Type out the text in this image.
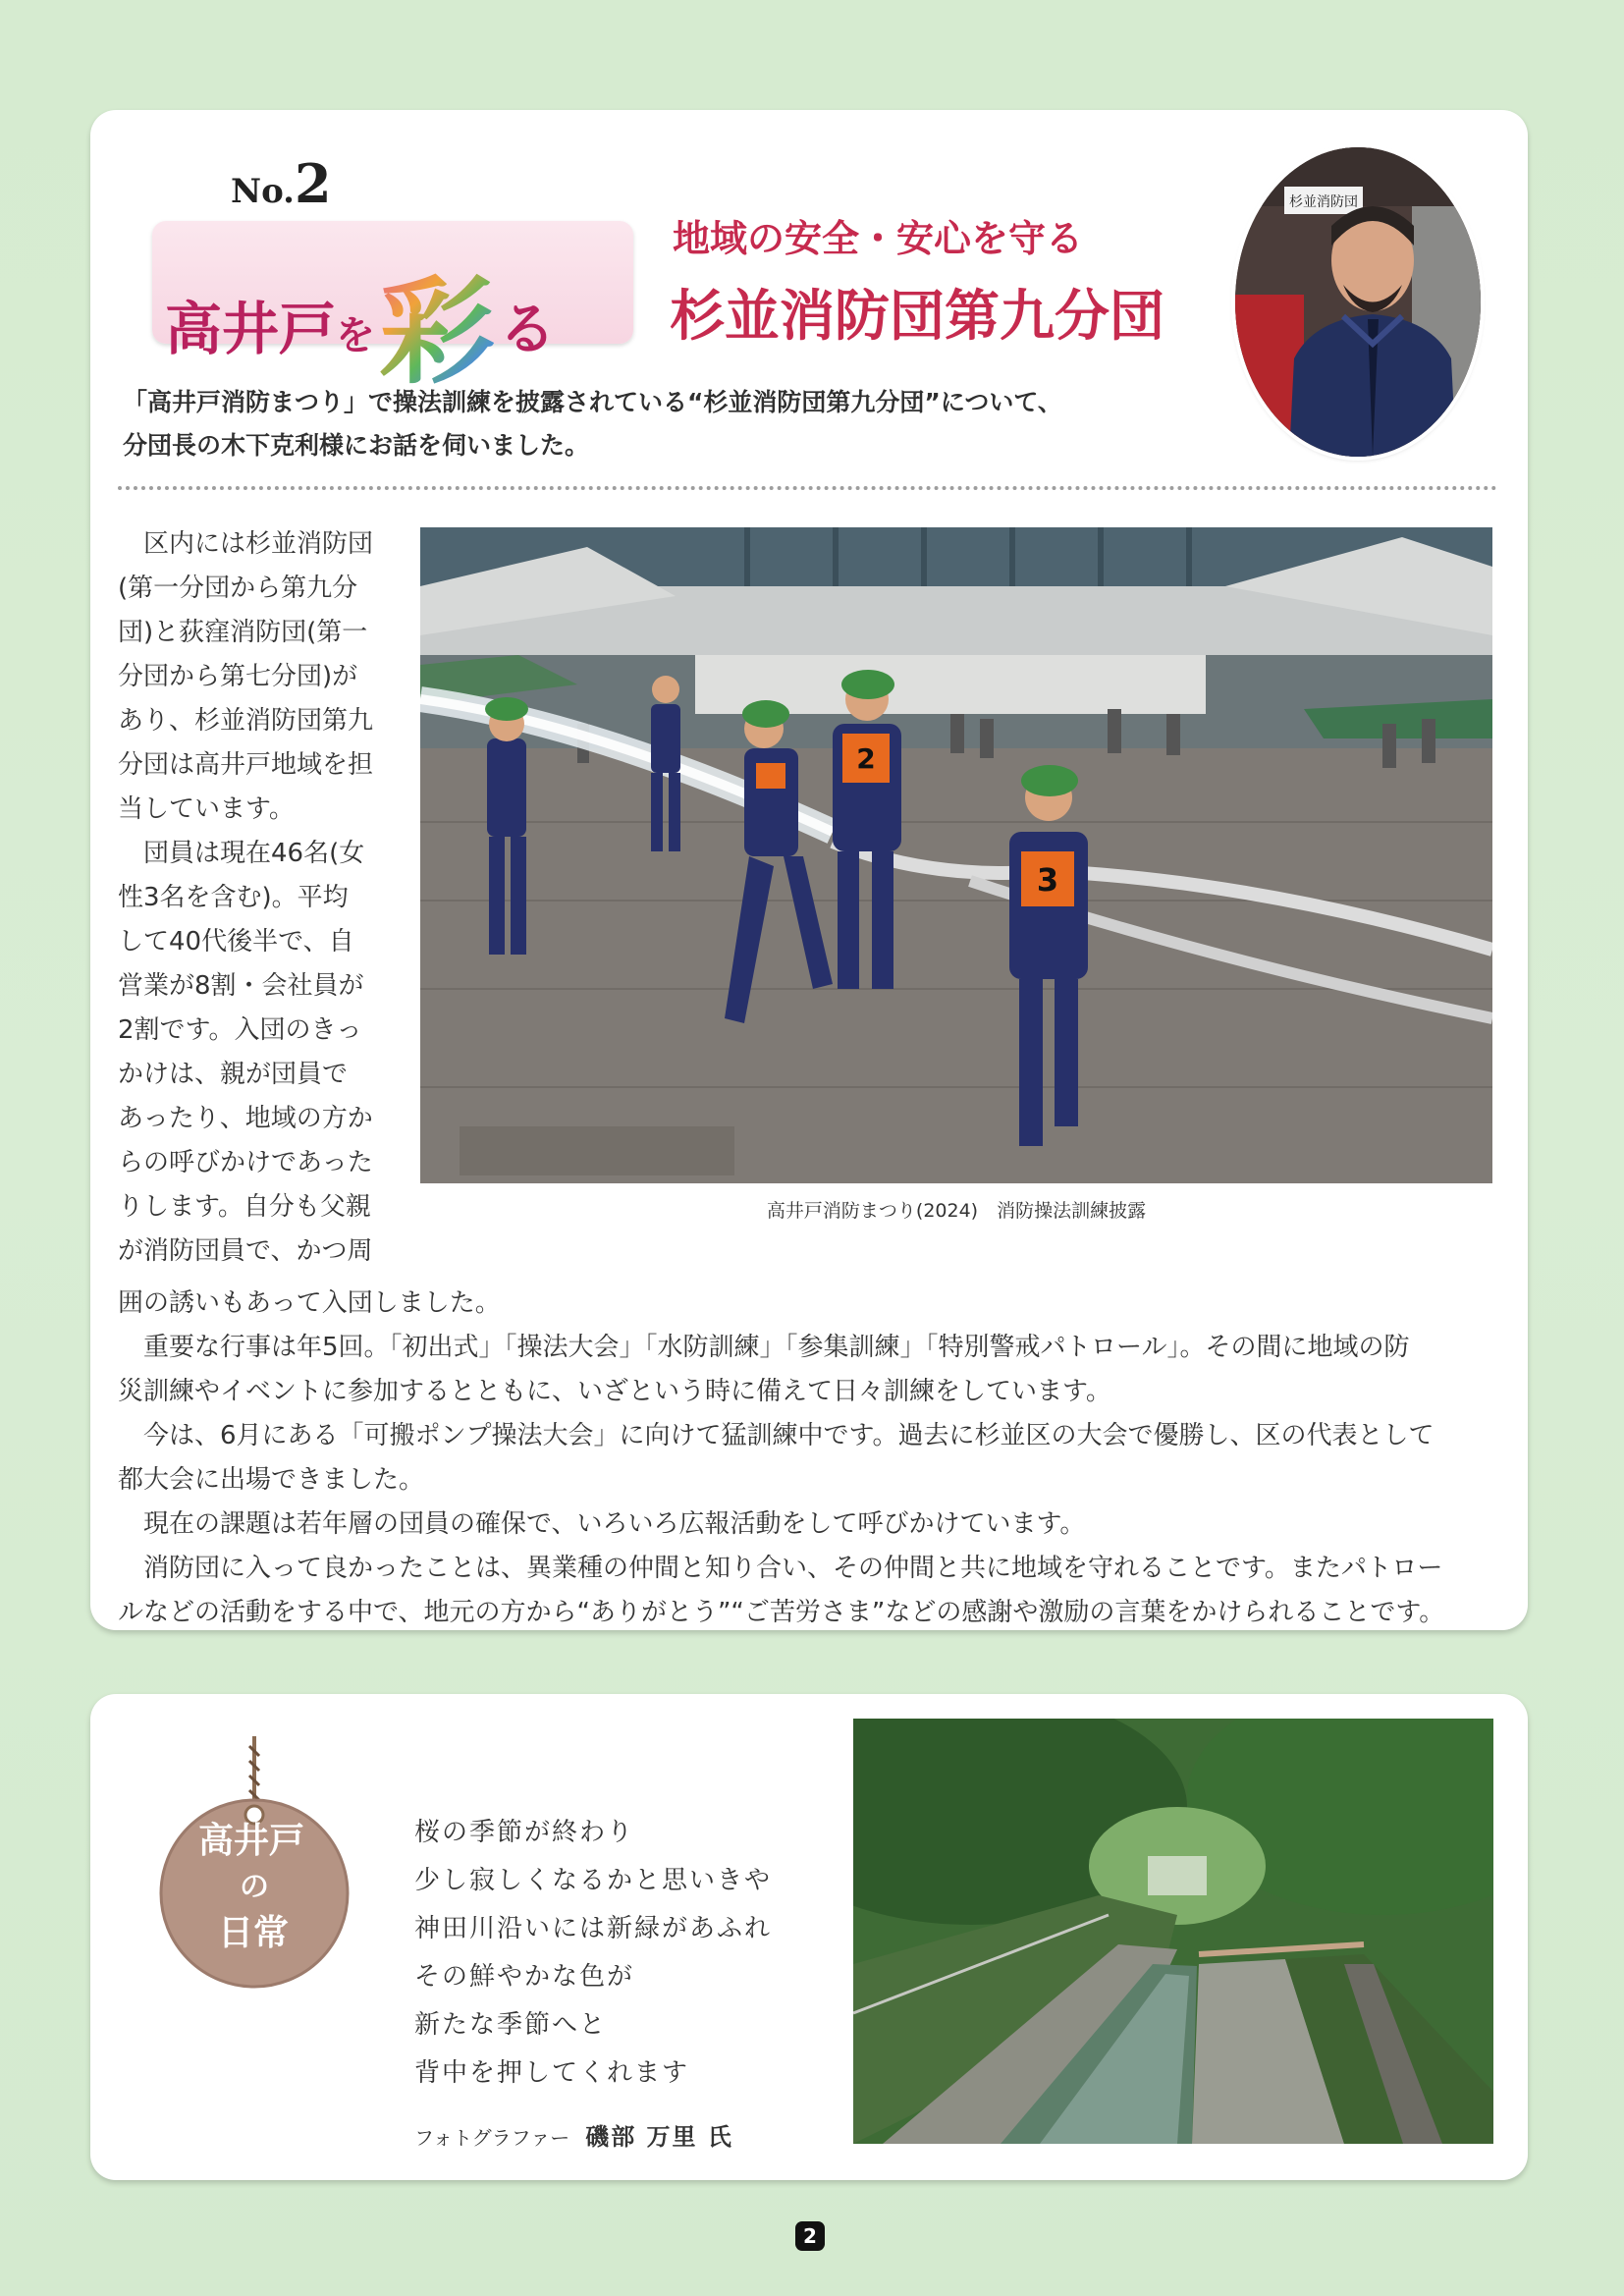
No.2
高井戸を彩る
地域の安全・安心を守る
杉並消防団第九分団
杉並消防団
「高井戸消防まつり」で操法訓練を披露されている“杉並消防団第九分団”について、
分団長の木下克利様にお話を伺いました。
　区内には杉並消防団
(第一分団から第九分
団)と荻窪消防団(第一
分団から第七分団)が
あり、杉並消防団第九
分団は高井戸地域を担
当しています。
　団員は現在46名(女
性3名を含む)。平均
して40代後半で、自
営業が8割・会社員が
2割です。入団のきっ
かけは、親が団員で
あったり、地域の方か
らの呼びかけであった
りします。自分も父親
が消防団員で、かつ周
2
3
高井戸消防まつり(2024)　消防操法訓練披露
囲の誘いもあって入団しました。
　重要な行事は年5回。「初出式」「操法大会」「水防訓練」「参集訓練」「特別警戒パトロール」。その間に地域の防
災訓練やイベントに参加するとともに、いざという時に備えて日々訓練をしています。
　今は、6月にある「可搬ポンプ操法大会」に向けて猛訓練中です。過去に杉並区の大会で優勝し、区の代表として
都大会に出場できました。
　現在の課題は若年層の団員の確保で、いろいろ広報活動をして呼びかけています。
　消防団に入って良かったことは、異業種の仲間と知り合い、その仲間と共に地域を守れることです。またパトロー
ルなどの活動をする中で、地元の方から“ありがとう”“ご苦労さま”などの感謝や激励の言葉をかけられることです。
高井戸
の
日常
桜の季節が終わり
少し寂しくなるかと思いきや
神田川沿いには新緑があふれ
その鮮やかな色が
新たな季節へと
背中を押してくれます
フォトグラファー 磯部 万里 氏
2
